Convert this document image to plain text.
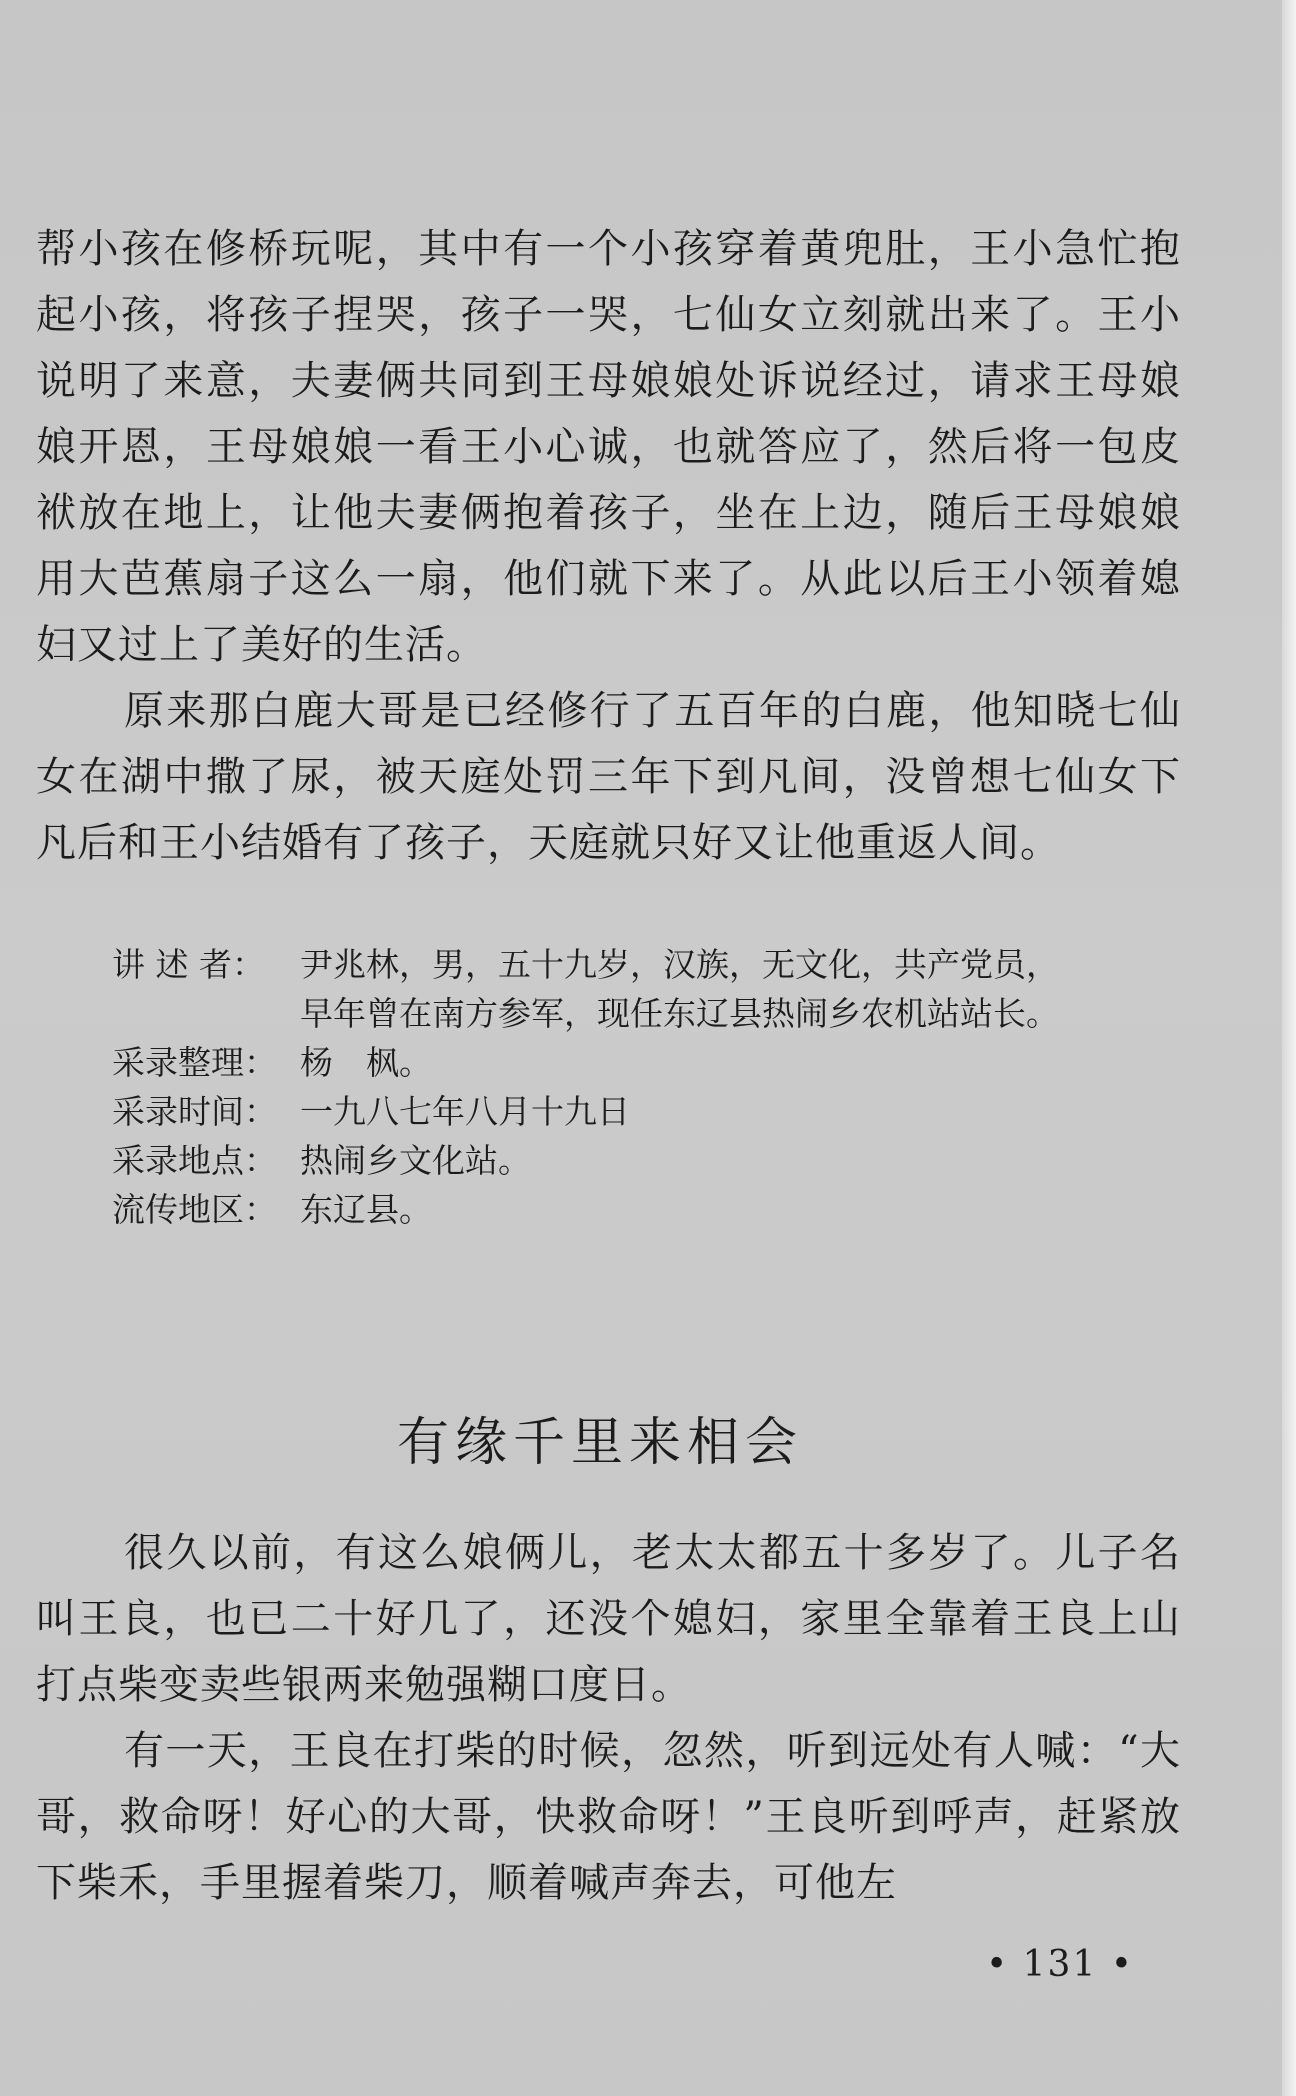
帮小孩在修桥玩呢，其中有一个小孩穿着黄兜肚，王小急忙抱起小孩，将孩子捏哭，孩子一哭，七仙女立刻就出来了。王小说明了来意，夫妻俩共同到王母娘娘处诉说经过，请求王母娘娘开恩，王母娘娘一看王小心诚，也就答应了，然后将一包皮袱放在地上，让他夫妻俩抱着孩子，坐在上边，随后王母娘娘用大芭蕉扇子这么一扇，他们就下来了。从此以后王小领着媳妇又过上了美好的生活。

原来那白鹿大哥是已经修行了五百年的白鹿，他知晓七仙女在湖中撒了尿，被天庭处罚三年下到凡间，没曾想七仙女下凡后和王小结婚有了孩子，天庭就只好又让他重返人间。

讲 述 者：	尹兆林，男，五十九岁，汉族，无文化，共产党员，
早年曾在南方参军，现任东辽县热闹乡农机站站长。
采录整理： 杨　枫。
采录时间： 一九八七年八月十九日
采录地点： 热闹乡文化站。
流传地区： 东辽县。
有缘千里来相会

很久以前，有这么娘俩儿，老太太都五十多岁了。儿子名叫王良，也已二十好几了，还没个媳妇，家里全靠着王良上山打点柴变卖些银两来勉强糊口度日。

有一天，王良在打柴的时候，忽然，听到远处有人喊：“大哥，救命呀！好心的大哥，快救命呀！”王良听到呼声，赶紧放下柴禾，手里握着柴刀，顺着喊声奔去，可他左

• 131 •
